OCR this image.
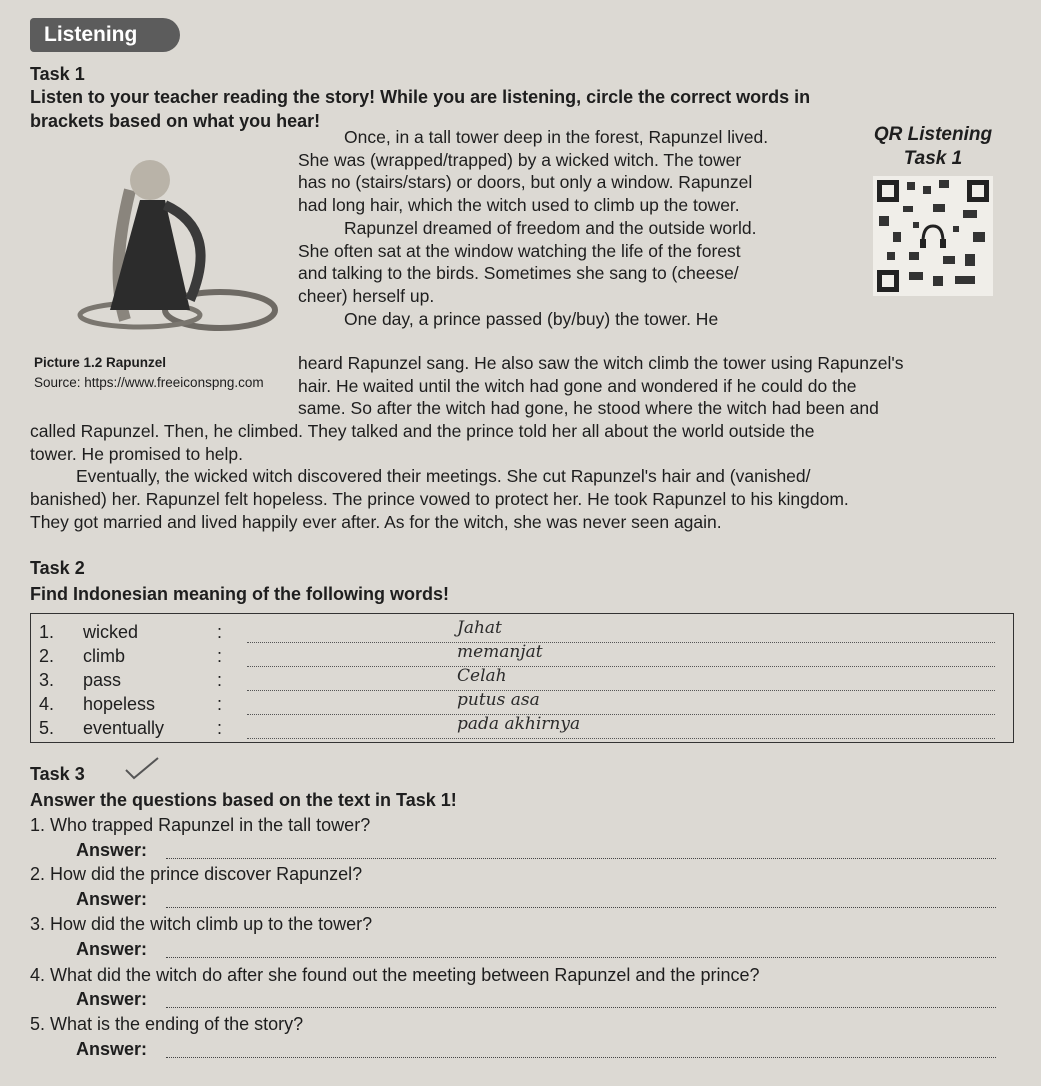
Listening
Task 1
Listen to your teacher reading the story! While you are listening, circle the correct words in
brackets based on what you hear!
Picture 1.2 Rapunzel
Source: https://www.freeiconspng.com

Once, in a tall tower deep in the forest, Rapunzel lived.

She was (wrapped/trapped) by a wicked witch. The tower

has no (stairs/stars) or doors, but only a window. Rapunzel

had long hair, which the witch used to climb up the tower.

Rapunzel dreamed of freedom and the outside world.

She often sat at the window watching the life of the forest

and talking to the birds. Sometimes she sang to (cheese/

cheer) herself up.

One day, a prince passed (by/buy) the tower. He

QR Listening
Task 1

heard Rapunzel sang. He also saw the witch climb the tower using Rapunzel's

hair. He waited until the witch had gone and wondered if he could do the

same. So after the witch had gone, he stood where the witch had been and

called Rapunzel. Then, he climbed. They talked and the prince told her all about the world outside the

tower. He promised to help.

Eventually, the wicked witch discovered their meetings. She cut Rapunzel's hair and (vanished/

banished) her. Rapunzel felt hopeless. The prince vowed to protect her. He took Rapunzel to his kingdom.

They got married and lived happily ever after. As for the witch, she was never seen again.

Task 2
Find Indonesian meaning of the following words!
1. wicked	:	Jahat
2. climb	:	memanjat
3. pass	:	Celah
4. hopeless	:	putus asa
5. eventually	:	pada akhirnya
Task 3
Answer the questions based on the text in Task 1!
1. Who trapped Rapunzel in the tall tower?
Answer:
2. How did the prince discover Rapunzel?
Answer:
3. How did the witch climb up to the tower?
Answer:
4. What did the witch do after she found out the meeting between Rapunzel and the prince?
Answer:
5. What is the ending of the story?
Answer:
